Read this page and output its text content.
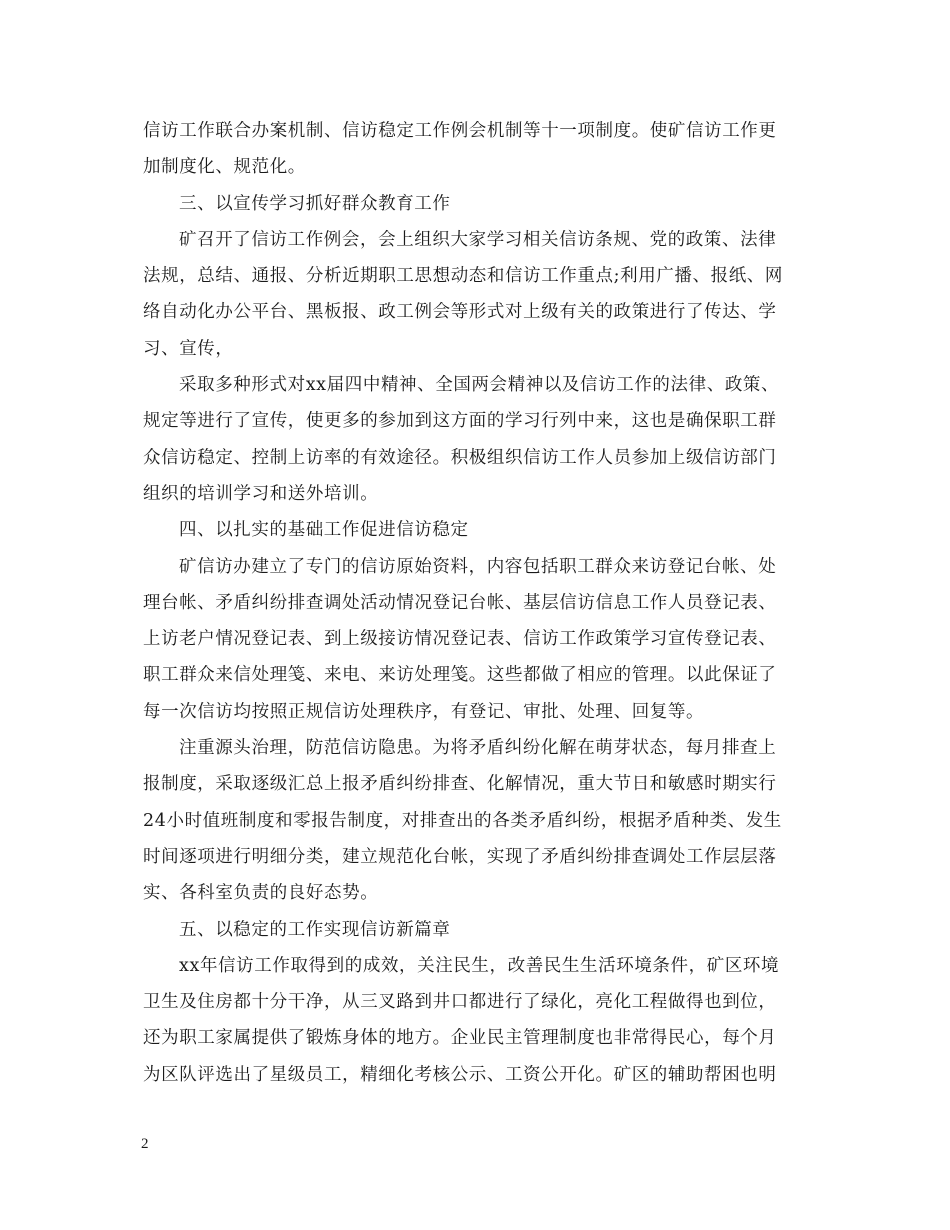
信访工作联合办案机制、信访稳定工作例会机制等十一项制度。使矿信访工作更
加制度化、规范化。
三、以宣传学习抓好群众教育工作
矿召开了信访工作例会，会上组织大家学习相关信访条规、党的政策、法律
法规，总结、通报、分析近期职工思想动态和信访工作重点;利用广播、报纸、网
络自动化办公平台、黑板报、政工例会等形式对上级有关的政策进行了传达、学
习、宣传，
采取多种形式对xx届四中精神、全国两会精神以及信访工作的法律、政策、
规定等进行了宣传，使更多的参加到这方面的学习行列中来，这也是确保职工群
众信访稳定、控制上访率的有效途径。积极组织信访工作人员参加上级信访部门
组织的培训学习和送外培训。
四、以扎实的基础工作促进信访稳定
矿信访办建立了专门的信访原始资料，内容包括职工群众来访登记台帐、处
理台帐、矛盾纠纷排查调处活动情况登记台帐、基层信访信息工作人员登记表、
上访老户情况登记表、到上级接访情况登记表、信访工作政策学习宣传登记表、
职工群众来信处理笺、来电、来访处理笺。这些都做了相应的管理。以此保证了
每一次信访均按照正规信访处理秩序，有登记、审批、处理、回复等。
注重源头治理，防范信访隐患。为将矛盾纠纷化解在萌芽状态，每月排查上
报制度，采取逐级汇总上报矛盾纠纷排查、化解情况，重大节日和敏感时期实行
24小时值班制度和零报告制度，对排查出的各类矛盾纠纷，根据矛盾种类、发生
时间逐项进行明细分类，建立规范化台帐，实现了矛盾纠纷排查调处工作层层落
实、各科室负责的良好态势。
五、以稳定的工作实现信访新篇章
xx年信访工作取得到的成效，关注民生，改善民生生活环境条件，矿区环境
卫生及住房都十分干净，从三叉路到井口都进行了绿化，亮化工程做得也到位，
还为职工家属提供了锻炼身体的地方。企业民主管理制度也非常得民心，每个月
为区队评选出了星级员工，精细化考核公示、工资公开化。矿区的辅助帮困也明
2
